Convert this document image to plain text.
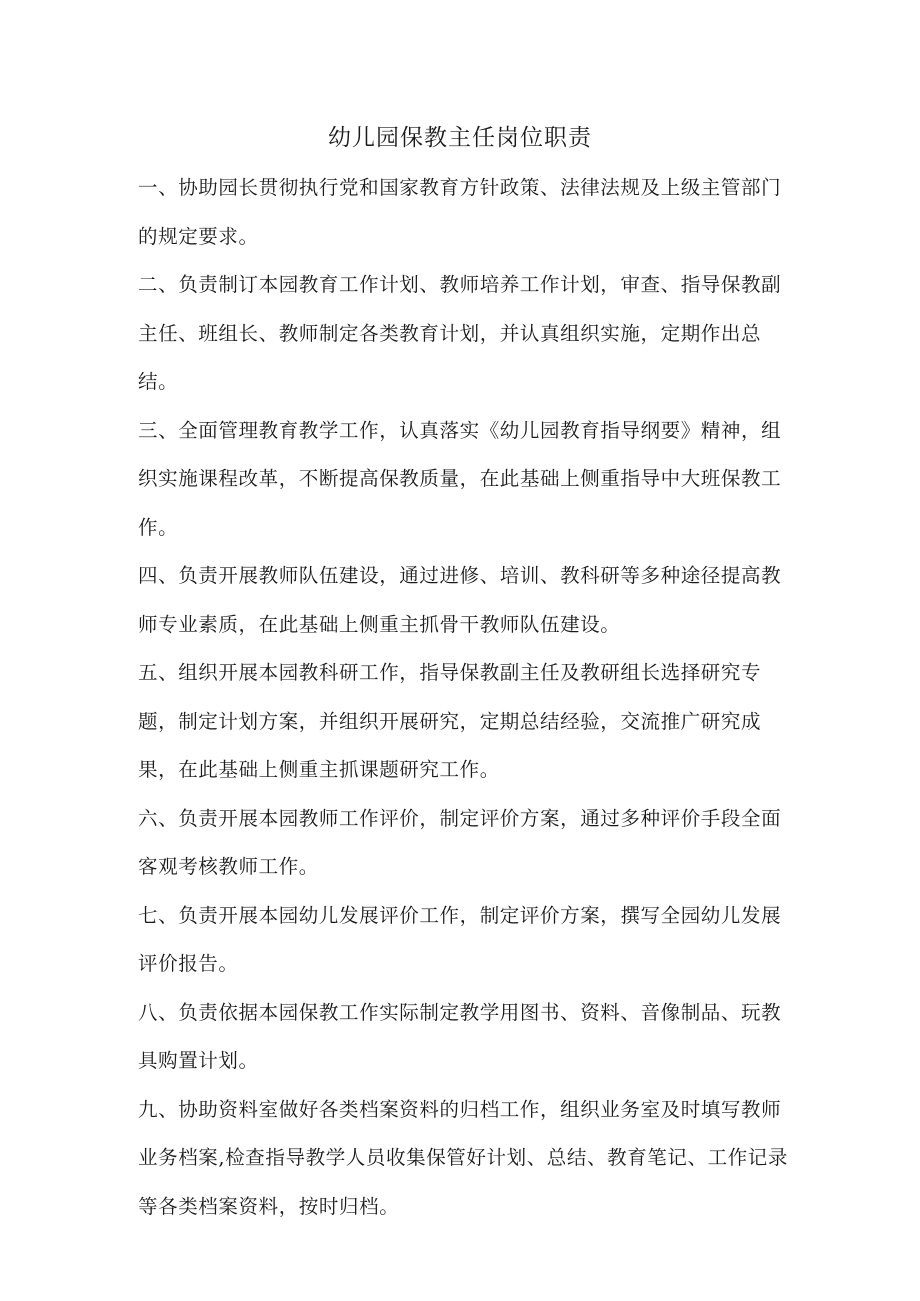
幼儿园保教主任岗位职责

一、协助园长贯彻执行党和国家教育方针政策、法律法规及上级主管部门的规定要求。

二、负责制订本园教育工作计划、教师培养工作计划，审查、指导保教副主任、班组长、教师制定各类教育计划，并认真组织实施，定期作出总结。

三、全面管理教育教学工作，认真落实《幼儿园教育指导纲要》精神，组织实施课程改革，不断提高保教质量，在此基础上侧重指导中大班保教工作。

四、负责开展教师队伍建设，通过进修、培训、教科研等多种途径提高教师专业素质，在此基础上侧重主抓骨干教师队伍建设。

五、组织开展本园教科研工作，指导保教副主任及教研组长选择研究专题，制定计划方案，并组织开展研究，定期总结经验，交流推广研究成果，在此基础上侧重主抓课题研究工作。

六、负责开展本园教师工作评价，制定评价方案，通过多种评价手段全面客观考核教师工作。

七、负责开展本园幼儿发展评价工作，制定评价方案，撰写全园幼儿发展评价报告。

八、负责依据本园保教工作实际制定教学用图书、资料、音像制品、玩教具购置计划。

九、协助资料室做好各类档案资料的归档工作，组织业务室及时填写教师业务档案,检查指导教学人员收集保管好计划、总结、教育笔记、工作记录等各类档案资料，按时归档。
